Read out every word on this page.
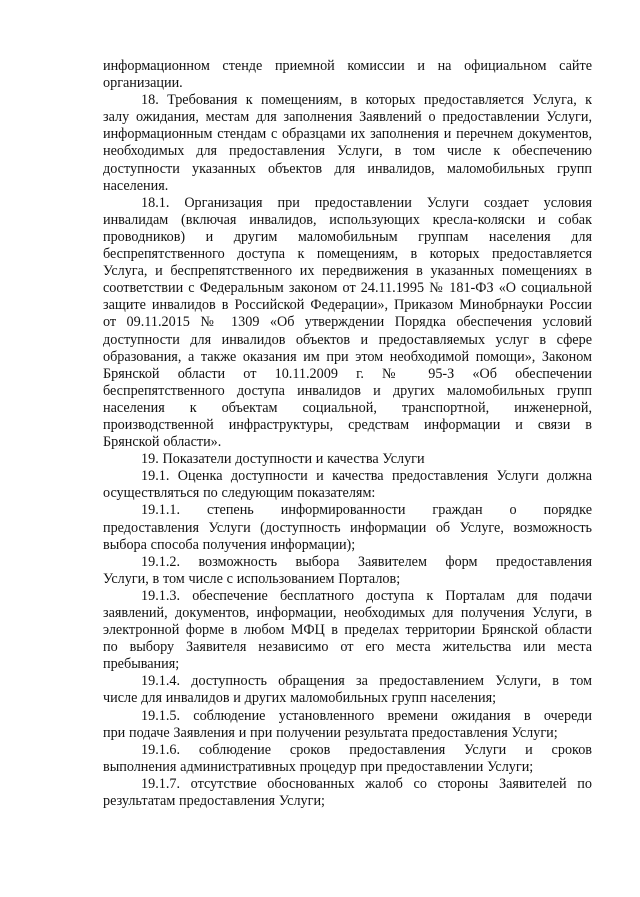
информационном стенде приемной комиссии и на официальном сайте
организации.
18. Требования к помещениям, в которых предоставляется Услуга, к
залу ожидания, местам для заполнения Заявлений о предоставлении Услуги,
информационным стендам с образцами их заполнения и перечнем документов,
необходимых для предоставления Услуги, в том числе к обеспечению
доступности указанных объектов для инвалидов, маломобильных групп
населения.
18.1. Организация при предоставлении Услуги создает условия
инвалидам (включая инвалидов, использующих кресла-коляски и собак
проводников) и другим маломобильным группам населения для
беспрепятственного доступа к помещениям, в которых предоставляется
Услуга, и беспрепятственного их передвижения в указанных помещениях в
соответствии с Федеральным законом от 24.11.1995 № 181-ФЗ «О социальной
защите инвалидов в Российской Федерации», Приказом Минобрнауки России
от 09.11.2015 № 1309 «Об утверждении Порядка обеспечения условий
доступности для инвалидов объектов и предоставляемых услуг в сфере
образования, а также оказания им при этом необходимой помощи», Законом
Брянской области от 10.11.2009 г. № 95-З «Об обеспечении
беспрепятственного доступа инвалидов и других маломобильных групп
населения к объектам социальной, транспортной, инженерной,
производственной инфраструктуры, средствам информации и связи в
Брянской области».
19. Показатели доступности и качества Услуги
19.1. Оценка доступности и качества предоставления Услуги должна
осуществляться по следующим показателям:
19.1.1. степень информированности граждан о порядке
предоставления Услуги (доступность информации об Услуге, возможность
выбора способа получения информации);
19.1.2. возможность выбора Заявителем форм предоставления
Услуги, в том числе с использованием Порталов;
19.1.3. обеспечение бесплатного доступа к Порталам для подачи
заявлений, документов, информации, необходимых для получения Услуги, в
электронной форме в любом МФЦ в пределах территории Брянской области
по выбору Заявителя независимо от его места жительства или места
пребывания;
19.1.4. доступность обращения за предоставлением Услуги, в том
числе для инвалидов и других маломобильных групп населения;
19.1.5. соблюдение установленного времени ожидания в очереди
при подаче Заявления и при получении результата предоставления Услуги;
19.1.6. соблюдение сроков предоставления Услуги и сроков
выполнения административных процедур при предоставлении Услуги;
19.1.7. отсутствие обоснованных жалоб со стороны Заявителей по
результатам предоставления Услуги;
